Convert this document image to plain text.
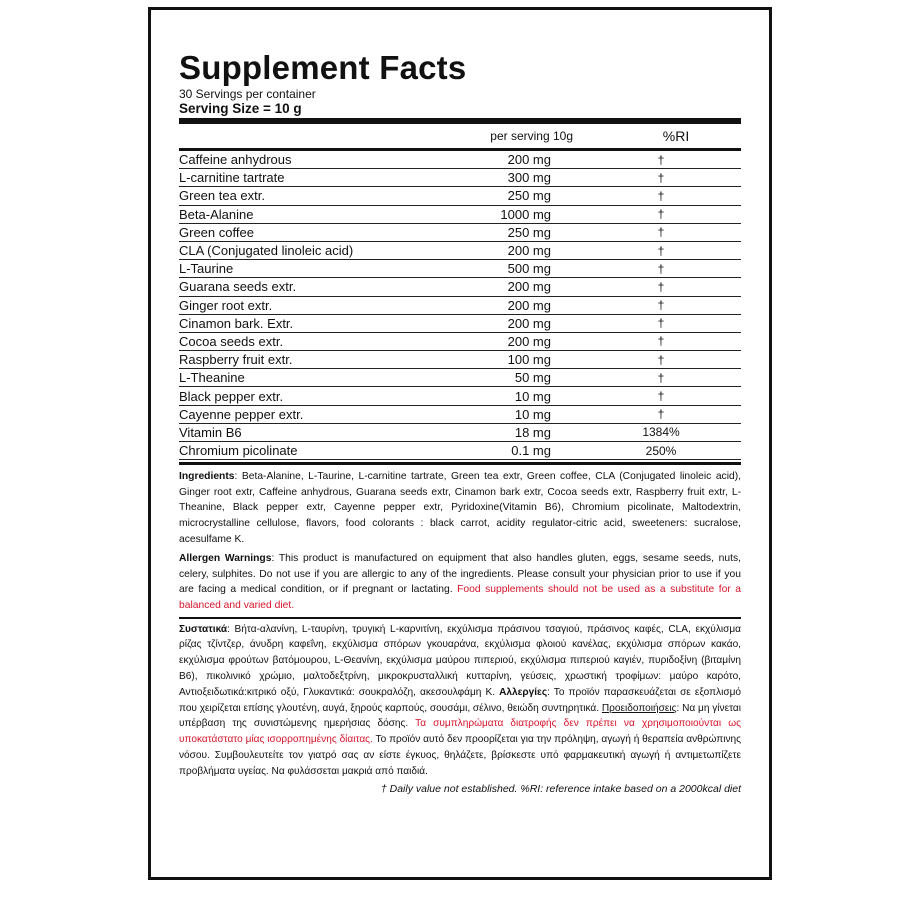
Supplement Facts
30 Servings per container
Serving Size = 10 g
per serving 10g	%RI
Caffeine anhydrous	200 mg	†
L-carnitine tartrate	300 mg	†
Green tea extr.	250 mg	†
Beta-Alanine	1000 mg	†
Green coffee	250 mg	†
CLA (Conjugated linoleic acid)	200 mg	†
L-Taurine	500 mg	†
Guarana seeds extr.	200 mg	†
Ginger root extr.	200 mg	†
Cinamon bark. Extr.	200 mg	†
Cocoa seeds extr.	200 mg	†
Raspberry fruit extr.	100 mg	†
L-Theanine	50 mg	†
Black pepper extr.	10 mg	†
Cayenne pepper extr.	10 mg	†
Vitamin B6	18 mg	1384%
Chromium picolinate	0.1 mg	250%

Ingredients: Beta-Alanine, L-Taurine, L-carnitine tartrate, Green tea extr, Green coffee, CLA (Conjugated linoleic acid), Ginger root extr, Caffeine anhydrous, Guarana seeds extr, Cinamon bark extr, Cocoa seeds extr, Raspberry fruit extr, L-Theanine, Black pepper extr, Cayenne pepper extr, Pyridoxine(Vitamin B6), Chromium picolinate, Maltodextrin, microcrystalline cellulose, flavors, food colorants : black carrot, acidity regulator-citric acid, sweeteners: sucralose, acesulfame K.

Allergen Warnings: This product is manufactured on equipment that also handles gluten, eggs, sesame seeds, nuts, celery, sulphites. Do not use if you are allergic to any of the ingredients. Please consult your physician prior to use if you are facing a medical condition, or if pregnant or lactating. Food supplements should not be used as a substitute for a balanced and varied diet.

Συστατικά: Βήτα-αλανίνη, L-ταυρίνη, τρυγική L-καρνιτίνη, εκχύλισμα πράσινου τσαγιού, πράσινος καφές, CLA, εκχύλισμα ρίζας τζίντζερ, άνυδρη καφεΐνη, εκχύλισμα σπόρων γκουαράνα, εκχύλισμα φλοιού κανέλας, εκχύλισμα σπόρων κακάο, εκχύλισμα φρούτων βατόμουρου, L-Θεανίνη, εκχύλισμα μαύρου πιπεριού, εκχύλισμα πιπεριού καγιέν, πυριδοξίνη (βιταμίνη Β6), πικολινικό χρώμιο, μαλτοδεξτρίνη, μικροκρυσταλλική κυτταρίνη, γεύσεις, χρωστική τροφίμων: μαύρο καρότο, Αντιοξειδωτικά:κιτρικό οξύ, Γλυκαντικά: σουκραλόζη, ακεσουλφάμη Κ. Αλλεργίες: Το προϊόν παρασκευάζεται σε εξοπλισμό που χειρίζεται επίσης γλουτένη, αυγά, ξηρούς καρπούς, σουσάμι, σέλινο, θειώδη συντηρητικά. Προειδοποιήσεις: Να μη γίνεται υπέρβαση της συνιστώμενης ημερήσιας δόσης. Τα συμπληρώματα διατροφής δεν πρέπει να χρησιμοποιούνται ως υποκατάστατο μίας ισορροπημένης δίαιτας. Το προϊόν αυτό δεν προορίζεται για την πρόληψη, αγωγή ή θεραπεία ανθρώπινης νόσου. Συμβουλευτείτε τον γιατρό σας αν είστε έγκυος, θηλάζετε, βρίσκεστε υπό φαρμακευτική αγωγή ή αντιμετωπίζετε προβλήματα υγείας. Να φυλάσσεται μακριά από παιδιά.

† Daily value not established. %RI: reference intake based on a 2000kcal diet
